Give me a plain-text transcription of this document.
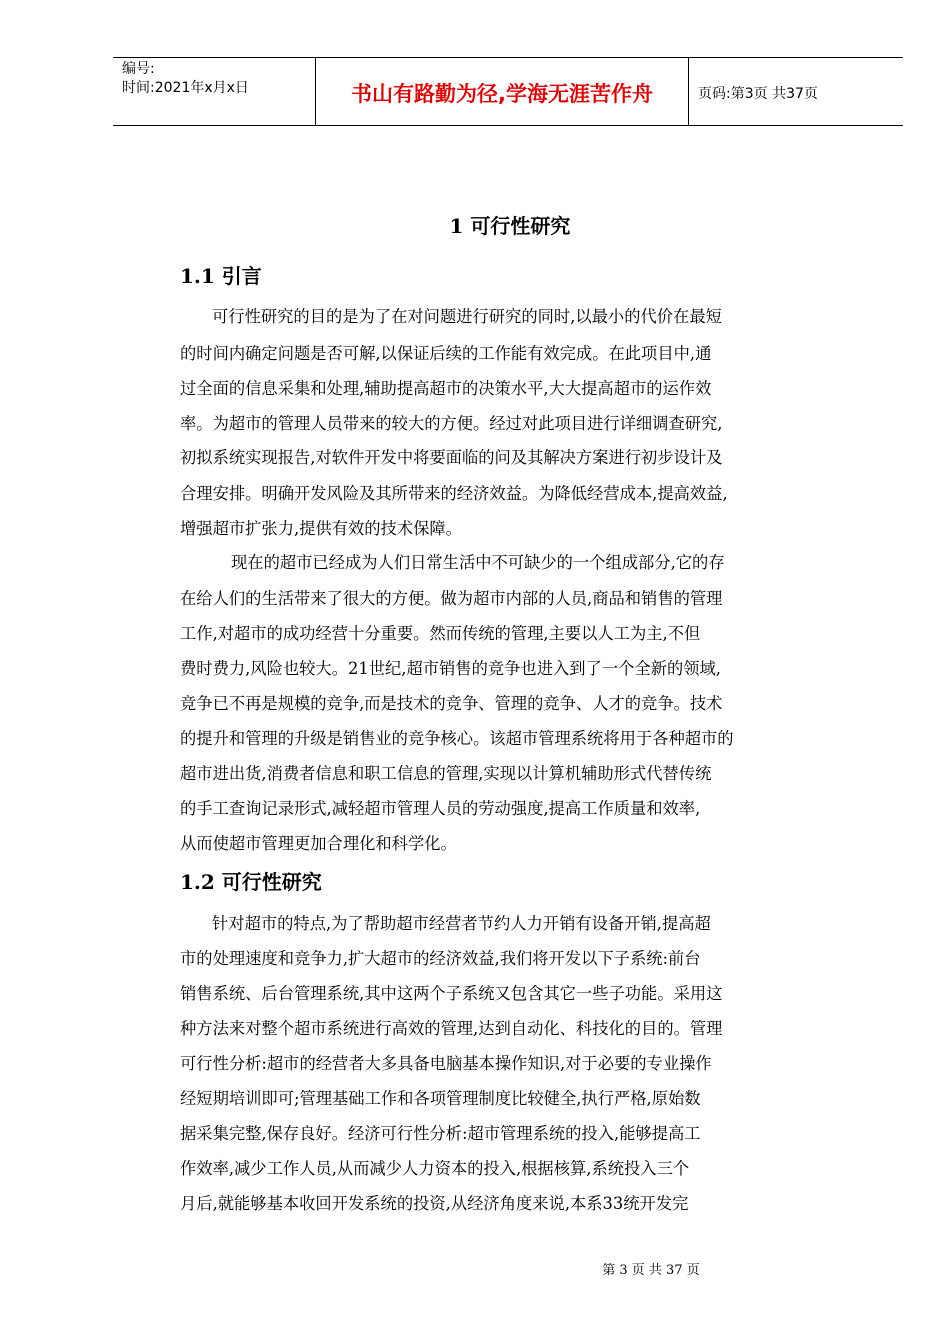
编号:
时间:2021年x月x日	书山有路勤为径,学海无涯苦作舟	页码:第3页 共37页
1 可行性研究
1.1 引言
可行性研究的目的是为了在对问题进行研究的同时,以最小的代价在最短
的时间内确定问题是否可解,以保证后续的工作能有效完成。在此项目中,通
过全面的信息采集和处理,辅助提高超市的决策水平,大大提高超市的运作效
率。为超市的管理人员带来的较大的方便。经过对此项目进行详细调查研究,
初拟系统实现报告,对软件开发中将要面临的问及其解决方案进行初步设计及
合理安排。明确开发风险及其所带来的经济效益。为降低经营成本,提高效益,
增强超市扩张力,提供有效的技术保障。
现在的超市已经成为人们日常生活中不可缺少的一个组成部分,它的存
在给人们的生活带来了很大的方便。做为超市内部的人员,商品和销售的管理
工作,对超市的成功经营十分重要。然而传统的管理,主要以人工为主,不但
费时费力,风险也较大。21世纪,超市销售的竞争也进入到了一个全新的领域,
竞争已不再是规模的竞争,而是技术的竞争、管理的竞争、人才的竞争。技术
的提升和管理的升级是销售业的竞争核心。该超市管理系统将用于各种超市的
超市进出货,消费者信息和职工信息的管理,实现以计算机辅助形式代替传统
的手工查询记录形式,减轻超市管理人员的劳动强度,提高工作质量和效率,
从而使超市管理更加合理化和科学化。
1.2 可行性研究
针对超市的特点,为了帮助超市经营者节约人力开销有设备开销,提高超
市的处理速度和竞争力,扩大超市的经济效益,我们将开发以下子系统:前台
销售系统、后台管理系统,其中这两个子系统又包含其它一些子功能。采用这
种方法来对整个超市系统进行高效的管理,达到自动化、科技化的目的。管理
可行性分析:超市的经营者大多具备电脑基本操作知识,对于必要的专业操作
经短期培训即可;管理基础工作和各项管理制度比较健全,执行严格,原始数
据采集完整,保存良好。经济可行性分析:超市管理系统的投入,能够提高工
作效率,减少工作人员,从而减少人力资本的投入,根据核算,系统投入三个
月后,就能够基本收回开发系统的投资,从经济角度来说,本系33统开发完
第 3 页 共 37 页
